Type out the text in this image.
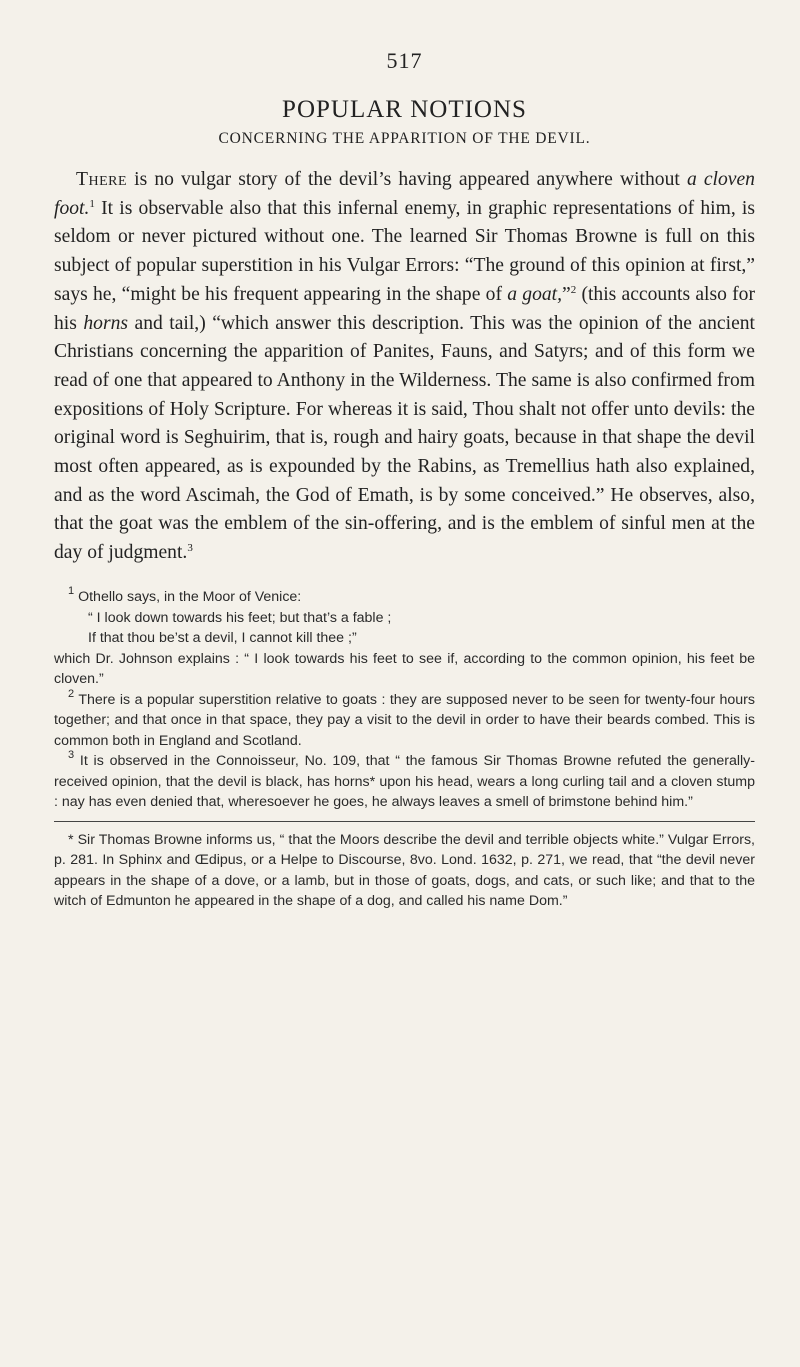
517
POPULAR NOTIONS
CONCERNING THE APPARITION OF THE DEVIL.

There is no vulgar story of the devil’s having appeared anywhere without a cloven foot.$^1$ It is observable also that this infernal enemy, in graphic representations of him, is seldom or never pictured without one. The learned Sir Thomas Browne is full on this subject of popular superstition in his Vulgar Errors: “The ground of this opinion at first,” says he, “might be his frequent appearing in the shape of a goat,”$^2$ (this accounts also for his horns and tail,) “which answer this description. This was the opinion of the ancient Christians concerning the apparition of Panites, Fauns, and Satyrs; and of this form we read of one that appeared to Anthony in the Wilderness. The same is also confirmed from expositions of Holy Scripture. For whereas it is said, Thou shalt not offer unto devils: the original word is Seghuirim, that is, rough and hairy goats, because in that shape the devil most often appeared, as is expounded by the Rabins, as Tremellius hath also explained, and as the word Ascimah, the God of Emath, is by some conceived.” He observes, also, that the goat was the emblem of the sin-offering, and is the emblem of sinful men at the day of judgment.$^3$

$^1$ Othello says, in the Moor of Venice:

“ I look down towards his feet; but that’s a fable ;

If that thou be’st a devil, I cannot kill thee ;”

which Dr. Johnson explains : “ I look towards his feet to see if, according to the common opinion, his feet be cloven.”

$^2$ There is a popular superstition relative to goats : they are supposed never to be seen for twenty-four hours together; and that once in that space, they pay a visit to the devil in order to have their beards combed. This is common both in England and Scotland.

$^3$ It is observed in the Connoisseur, No. 109, that “ the famous Sir Thomas Browne refuted the generally-received opinion, that the devil is black, has horns* upon his head, wears a long curling tail and a cloven stump : nay has even denied that, wheresoever he goes, he always leaves a smell of brimstone behind him.”

* Sir Thomas Browne informs us, “ that the Moors describe the devil and terrible objects white.” Vulgar Errors, p. 281. In Sphinx and Œdipus, or a Helpe to Discourse, 8vo. Lond. 1632, p. 271, we read, that “the devil never appears in the shape of a dove, or a lamb, but in those of goats, dogs, and cats, or such like; and that to the witch of Edmunton he appeared in the shape of a dog, and called his name Dom.”
